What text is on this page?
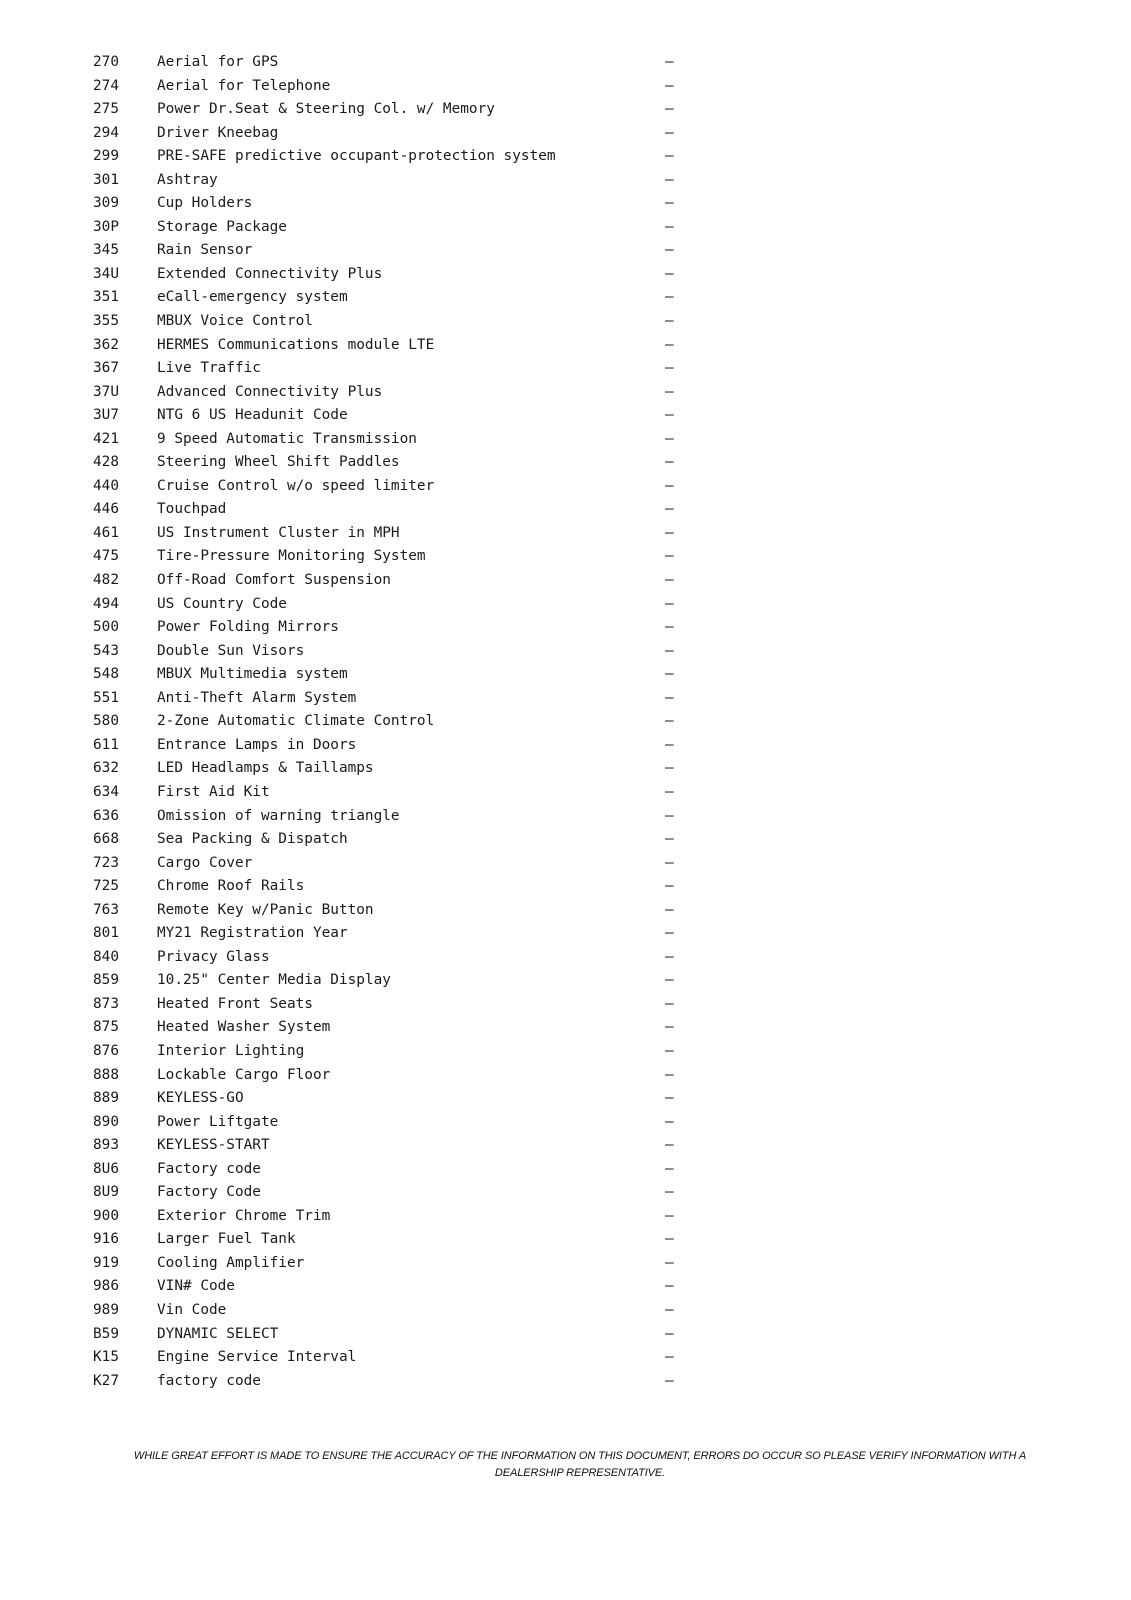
270	Aerial for GPS	—
274	Aerial for Telephone	—
275	Power Dr.Seat & Steering Col. w/ Memory	—
294	Driver Kneebag	—
299	PRE-SAFE predictive occupant-protection system	—
301	Ashtray	—
309	Cup Holders	—
30P	Storage Package	—
345	Rain Sensor	—
34U	Extended Connectivity Plus	—
351	eCall-emergency system	—
355	MBUX Voice Control	—
362	HERMES Communications module LTE	—
367	Live Traffic	—
37U	Advanced Connectivity Plus	—
3U7	NTG 6 US Headunit Code	—
421	9 Speed Automatic Transmission	—
428	Steering Wheel Shift Paddles	—
440	Cruise Control w/o speed limiter	—
446	Touchpad	—
461	US Instrument Cluster in MPH	—
475	Tire-Pressure Monitoring System	—
482	Off-Road Comfort Suspension	—
494	US Country Code	—
500	Power Folding Mirrors	—
543	Double Sun Visors	—
548	MBUX Multimedia system	—
551	Anti-Theft Alarm System	—
580	2-Zone Automatic Climate Control	—
611	Entrance Lamps in Doors	—
632	LED Headlamps & Taillamps	—
634	First Aid Kit	—
636	Omission of warning triangle	—
668	Sea Packing & Dispatch	—
723	Cargo Cover	—
725	Chrome Roof Rails	—
763	Remote Key w/Panic Button	—
801	MY21 Registration Year	—
840	Privacy Glass	—
859	10.25" Center Media Display	—
873	Heated Front Seats	—
875	Heated Washer System	—
876	Interior Lighting	—
888	Lockable Cargo Floor	—
889	KEYLESS-GO	—
890	Power Liftgate	—
893	KEYLESS-START	—
8U6	Factory code	—
8U9	Factory Code	—
900	Exterior Chrome Trim	—
916	Larger Fuel Tank	—
919	Cooling Amplifier	—
986	VIN# Code	—
989	Vin Code	—
B59	DYNAMIC SELECT	—
K15	Engine Service Interval	—
K27	factory code	—
WHILE GREAT EFFORT IS MADE TO ENSURE THE ACCURACY OF THE INFORMATION ON THIS DOCUMENT, ERRORS DO OCCUR SO PLEASE VERIFY INFORMATION WITH A
DEALERSHIP REPRESENTATIVE.
